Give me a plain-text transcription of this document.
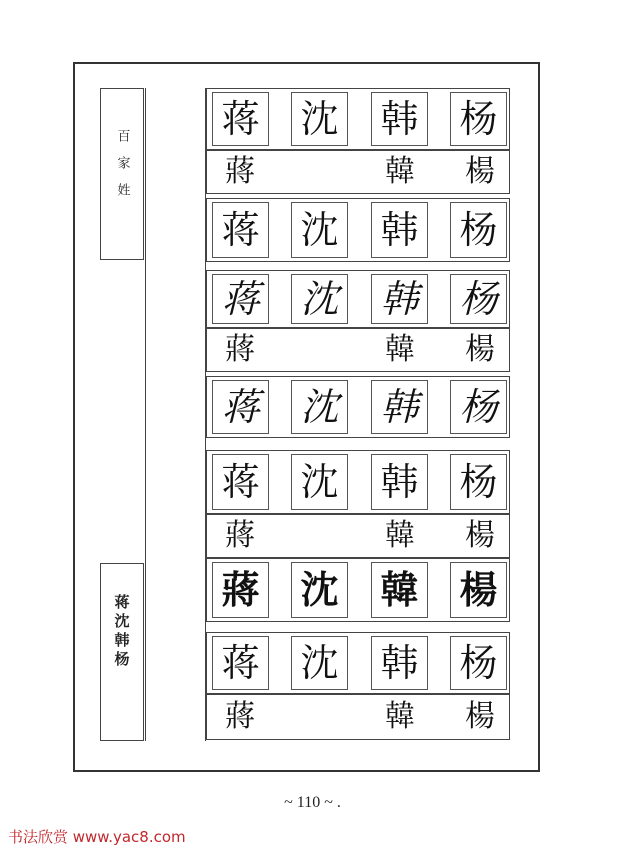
百家姓
蒋沈韩杨
蒋 沈 韩 杨
蔣	韓 楊
蒋 沈 韩 杨
蒋 沈 韩 杨
蔣	韓 楊
蒋 沈 韩 杨
蒋 沈 韩 杨
蔣	韓 楊
蔣 沈 韓 楊
蒋 沈 韩 杨
蔣	韓 楊
~ 110 ~ .
书法欣赏 www.yac8.com
